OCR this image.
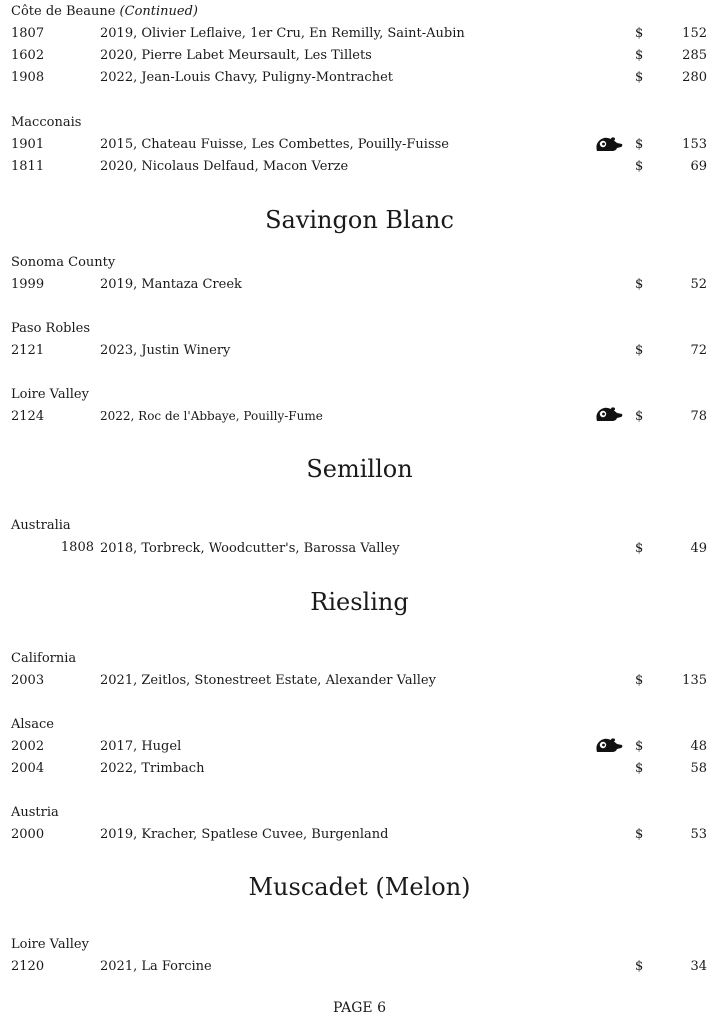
Côte de Beaune (Continued)
1807	2019, Olivier Leflaive, 1er Cru, En Remilly, Saint-Aubin	$	152
1602	2020, Pierre Labet Meursault, Les Tillets	$	285
1908	2022, Jean-Louis Chavy, Puligny-Montrachet	$	280
Macconais
1901	2015, Chateau Fuisse, Les Combettes, Pouilly-Fuisse	$	153
1811	2020, Nicolaus Delfaud, Macon Verze	$	69
Savingon Blanc
Sonoma County
1999	2019, Mantaza Creek	$	52
Paso Robles
2121	2023, Justin Winery	$	72
Loire Valley
2124	2022, Roc de l'Abbaye, Pouilly-Fume	$	78
Semillon
Australia
1808 2018, Torbreck, Woodcutter's, Barossa Valley	$	49
Riesling
California
2003	2021, Zeitlos, Stonestreet Estate, Alexander Valley	$	135
Alsace
2002	2017, Hugel	$	48
2004	2022, Trimbach	$	58
Austria
2000	2019, Kracher, Spatlese Cuvee, Burgenland	$	53
Muscadet (Melon)
Loire Valley
2120	2021, La Forcine	$	34
PAGE 6
